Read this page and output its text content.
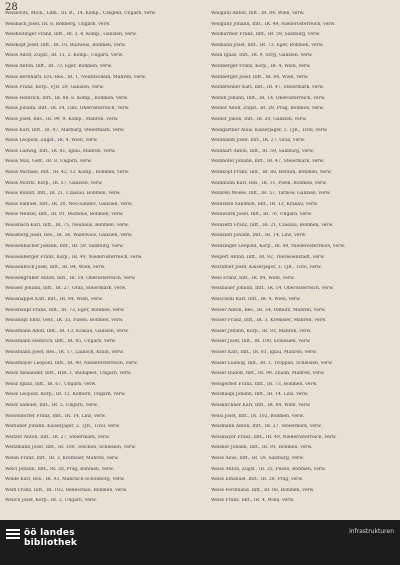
28

Weislovits, Mich., Ldm., III. R., 14. Komp., Czegléd, Ungarn, verw.

Weisbach Josef, IR. 8, Rehberg, Ungarn, verw.

Weisheitinger Franz, Inft., IR. 3, 4. Komp., Galizien, verw.

Weiskopf Josef, Inft., IR. 10, Budweis, Böhmen, verw.

Weiss Adolf, Zugsf., IR. 11, 2. Komp., Ungarn, verw.

Weiss Anton, Inft., IR. 73, Eger, Böhmen, verw.

Weiss Bernhard, Ers.-Res., IR. 1, Neutitschein, Mähren, verw.

Weiss Franz, Korp., FJB. 29, Galizien, verw.

Weiss Heinrich, Inft., IR. 88, 6. Komp., Böhmen, verw.

Weiss Johann, Inft., IR. 14, Linz, Oberösterreich, verw.

Weiss Josef, Res., IR. 99, 9. Komp., Mähren, verw.

Weiss Karl, Inft., IR. 47, Marburg, Steiermark, verw.

Weiss Leopold, Zugsf., IR. 4, Wien, verw.

Weiss Ludwig, Inft., IR. 81, Iglau, Mähren, verw.

Weiss Max, Gefr., IR. 8, Ungarn, verw.

Weiss Michael, Inft., IR. 42, 12. Komp., Böhmen, verw.

Weiss Moritz, Korp., IR. 57, Galizien, verw.

Weiss Rudolf, Inft., IR. 21, Czaslau, Böhmen, verw.

Weiss Samuel, Inft., IR. 20, Neu-Sandec, Galizien, verw.

Weiss Wenzel, Inft., IR. 91, Budweis, Böhmen, verw.

Weissbach Karl, Inft., IR. 75, Neuhaus, Böhmen, verw.

Weissberg Josef, Res., IR. 56, Wadowice, Galizien, verw.

Weissenbacher Johann, Inft., IR. 59, Salzburg, verw.

Weissenberger Franz, Korp., IR. 49, Niederösterreich, verw.

Weissenböck Josef, Inft., IR. 84, Wien, verw.

Weissengruber Anton, Inft., IR. 14, Oberösterreich, verw.

Weisser Johann, Inft., IR. 27, Graz, Steiermark, verw.

Weisshappel Karl, Inft., IR. 84, Wien, verw.

Weisshaupt Franz, Inft., IR. 73, Eger, Böhmen, verw.

Weisskopf Emil, Gefr., IR. 35, Pilsen, Böhmen, verw.

Weissmann Adolf, Inft., IR. 13, Krakau, Galizien, verw.

Weissmann Heinrich, Inft., IR. 85, Ungarn, verw.

Weissmann Josef, Res., IR. 17, Laibach, Krain, verw.

Weissmayer Leopold, Inft., IR. 49, Niederösterreich, verw.

Weisz Alexander, Inft., HIR. 1, Budapest, Ungarn, verw.

Weisz Ignaz, Inft., IR. 67, Ungarn, verw.

Weisz Leopold, Korp., IR. 12, Komorn, Ungarn, verw.

Weisz Samuel, Inft., IR. 5, Ungarn, verw.

Weitendorfer Franz, Inft., IR. 14, Linz, verw.

Weitlaner Johann, Kaiserjäger, 2. TJR., Tirol, verw.

Weitzer Anton, Inft., IR. 27, Steiermark, verw.

Weitzmann Josef, Inft., IR. 100, Teschen, Schlesien, verw.

Welan Franz, Inft., IR. 3, Kremsier, Mähren, verw.

Welcl Johann, Inft., IR. 28, Prag, Böhmen, verw.

Welde Karl, Res., IR. 93, Mährisch-Schönberg, verw.

Welfl Franz, Inft., IR. 102, Beneschau, Böhmen, verw.

Welich Josef, Korp., IR. 2, Ungarn, verw.

Weilguni Anton, Inft., IR. 84, Wien, verw.

Weilguny Johann, Inft., IR. 49, Niederösterreich, verw.

Weilhartner Franz, Inft., IR. 59, Salzburg, verw.

Weimann Josef, Inft., IR. 73, Eger, Böhmen, verw.

Wein Ignaz, Inft., IR. 9, Stryj, Galizien, verw.

Weinberger Franz, Korp., IR. 4, Wien, verw.

Weinberger Josef, Inft., IR. 84, Wien, verw.

Weinbrenner Karl, Inft., IR. 47, Steiermark, verw.

Weindl Johann, Inft., IR. 14, Oberösterreich, verw.

Weiner Adolf, Zugsf., IR. 28, Prag, Böhmen, verw.

Weiner Jakob, Inft., IR. 20, Galizien, verw.

Weingartner Alois, Kaiserjäger, 1. TJR., Tirol, verw.

Weinhandl Josef, Inft., IR. 27, Graz, verw.

Weinhart Anton, Inft., IR. 59, Salzburg, verw.

Weinhofer Johann, Inft., IR. 47, Steiermark, verw.

Weinkopf Franz, Inft., IR. 88, Beraun, Böhmen, verw.

Weinmann Karl, Res., IR. 11, Pisek, Böhmen, verw.

Weinreb Moses, Inft., IR. 57, Tarnow, Galizien, verw.

Weinstein Salomon, Inft., IR. 13, Krakau, verw.

Weinwurm Josef, Inft., IR. 76, Ungarn, verw.

Weinzettl Franz, Inft., IR. 21, Czaslau, Böhmen, verw.

Weinzierl Johann, Inft., IR. 14, Linz, verw.

Weinzinger Leopold, Korp., IR. 49, Niederösterreich, verw.

Weipert Anton, Inft., IR. 92, Theresienstadt, verw.

Weirather Josef, Kaiserjäger, 3. TJR., Tirol, verw.

Weis Franz, Inft., IR. 84, Wien, verw.

Weisbauer Johann, Inft., IR. 14, Oberösterreich, verw.

Weischedl Karl, Inft., IR. 4, Wien, verw.

Weiser Anton, Res., IR. 54, Olmütz, Mähren, verw.

Weiser Franz, Inft., IR. 3, Kremsier, Mähren, verw.

Weiser Johann, Korp., IR. 93, Mähren, verw.

Weiser Josef, Inft., IR. 100, Schlesien, verw.

Weiser Karl, Inft., IR. 81, Iglau, Mähren, verw.

Weiser Ludwig, Inft., IR. 1, Troppau, Schlesien, verw.

Weiser Rudolf, Inft., IR. 99, Znaim, Mähren, verw.

Weisgerber Franz, Inft., IR. 73, Böhmen, verw.

Weishäupl Johann, Inft., IR. 14, Linz, verw.

Weiskirchner Karl, Inft., IR. 84, Wien, verw.

Weisl Josef, Inft., IR. 102, Böhmen, verw.

Weismann Anton, Inft., IR. 27, Steiermark, verw.

Weismayer Franz, Inft., IR. 49, Niederösterreich, verw.

Weisner Johann, Inft., IR. 91, Böhmen, verw.

Weiss Alois, Inft., IR. 59, Salzburg, verw.

Weiss Anton, Zugsf., IR. 35, Pilsen, Böhmen, verw.

Weiss Emanuel, Inft., IR. 28, Prag, verw.

Weiss Ferdinand, Inft., IR. 88, Böhmen, verw.

Weiss Franz, Inft., IR. 4, Wien, verw.

öö landes
bibliothek
infrastrukturen
